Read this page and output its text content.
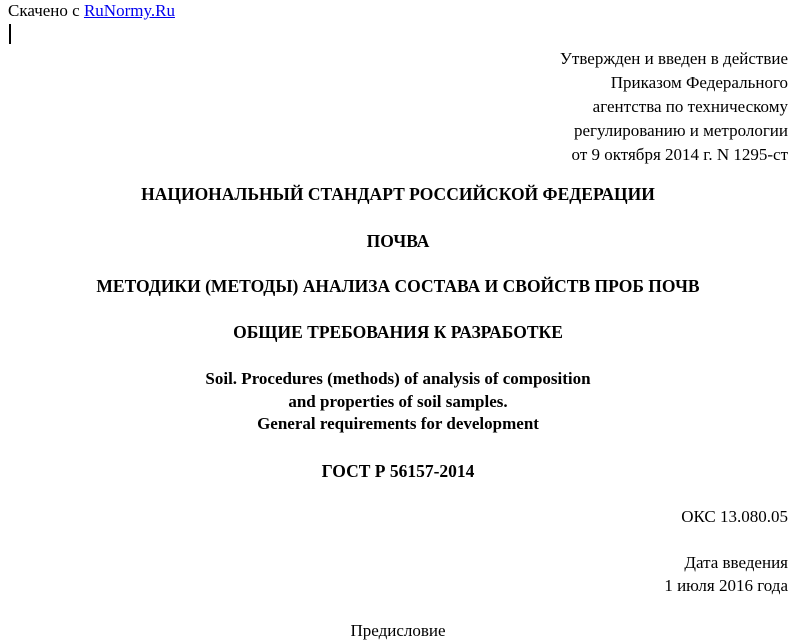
Скачено с RuNormy.Ru
Утвержден и введен в действие
Приказом Федерального
агентства по техническому
регулированию и метрологии
от 9 октября 2014 г. N 1295-ст
НАЦИОНАЛЬНЫЙ СТАНДАРТ РОССИЙСКОЙ ФЕДЕРАЦИИ
ПОЧВА
МЕТОДИКИ (МЕТОДЫ) АНАЛИЗА СОСТАВА И СВОЙСТВ ПРОБ ПОЧВ
ОБЩИЕ ТРЕБОВАНИЯ К РАЗРАБОТКЕ
Soil. Procedures (methods) of analysis of composition
and properties of soil samples.
General requirements for development
ГОСТ Р 56157-2014
ОКС 13.080.05
Дата введения
1 июля 2016 года
Предисловие
